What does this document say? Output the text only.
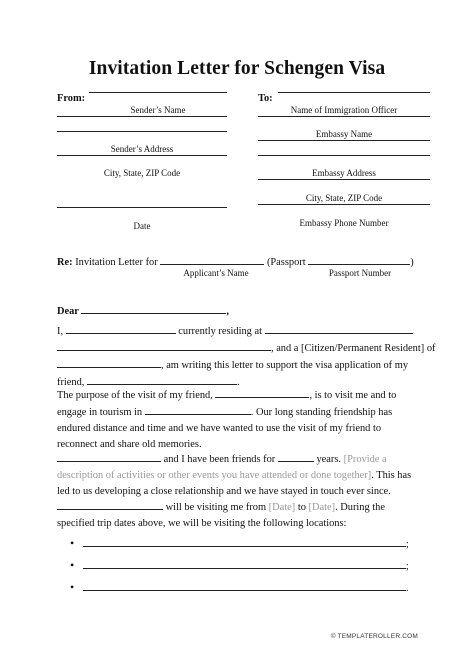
Invitation Letter for Schengen Visa
From:
Sender’s Name
Sender’s Address
City, State, ZIP Code
Date
To:
Name of Immigration Officer
Embassy Name
Embassy Address
City, State, ZIP Code
Embassy Phone Number
Re: Invitation Letter for	(Passport	)
Applicant’s Name	Passport Number
Dear	,
I,	currently residing at
, and a [Citizen/Permanent Resident] of
, am writing this letter to support the visa application of my
friend,	.
The purpose of the visit of my friend,	, is to visit me and to
engage in tourism in	. Our long standing friendship has
endured distance and time and we have wanted to use the visit of my friend to
reconnect and share old memories.
and I have been friends for	years. [Provide a
description of activities or other events you have attended or done together]. This has
led to us developing a close relationship and we have stayed in touch ever since.
will be visiting me from [Date] to [Date]. During the
specified trip dates above, we will be visiting the following locations:
•	;
•	;
•	.
© TEMPLATEROLLER.COM
